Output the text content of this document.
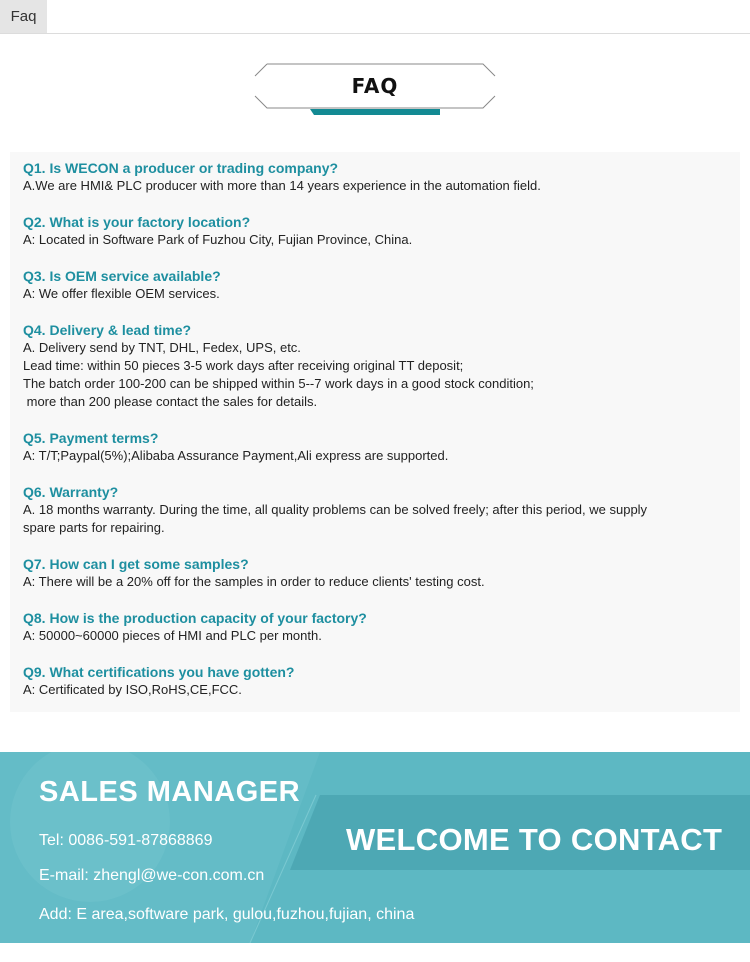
Faq
FAQ
Q1. Is WECON a producer or trading company?
A.We are HMI& PLC producer with more than 14 years experience in the automation field.
Q2. What is your factory location?
A: Located in Software Park of Fuzhou City, Fujian Province, China.
Q3. Is OEM service available?
A: We offer flexible OEM services.
Q4. Delivery & lead time?
A. Delivery send by TNT, DHL, Fedex, UPS, etc.
Lead time: within 50 pieces 3-5 work days after receiving original TT deposit;
The batch order 100-200 can be shipped within 5--7 work days in a good stock condition;
more than 200 please contact the sales for details.
Q5. Payment terms?
A: T/T;Paypal(5%);Alibaba Assurance Payment,Ali express are supported.
Q6. Warranty?
A. 18 months warranty. During the time, all quality problems can be solved freely; after this period, we supply
spare parts for repairing.
Q7. How can I get some samples?
A: There will be a 20% off for the samples in order to reduce clients' testing cost.
Q8. How is the production capacity of your factory?
A: 50000~60000 pieces of HMI and PLC per month.
Q9. What certifications you have gotten?
A: Certificated by ISO,RoHS,CE,FCC.
SALES MANAGER
WELCOME TO CONTACT
Tel: 0086-591-87868869
E-mail: zhengl@we-con.com.cn
Add: E area,software park, gulou,fuzhou,fujian, china
